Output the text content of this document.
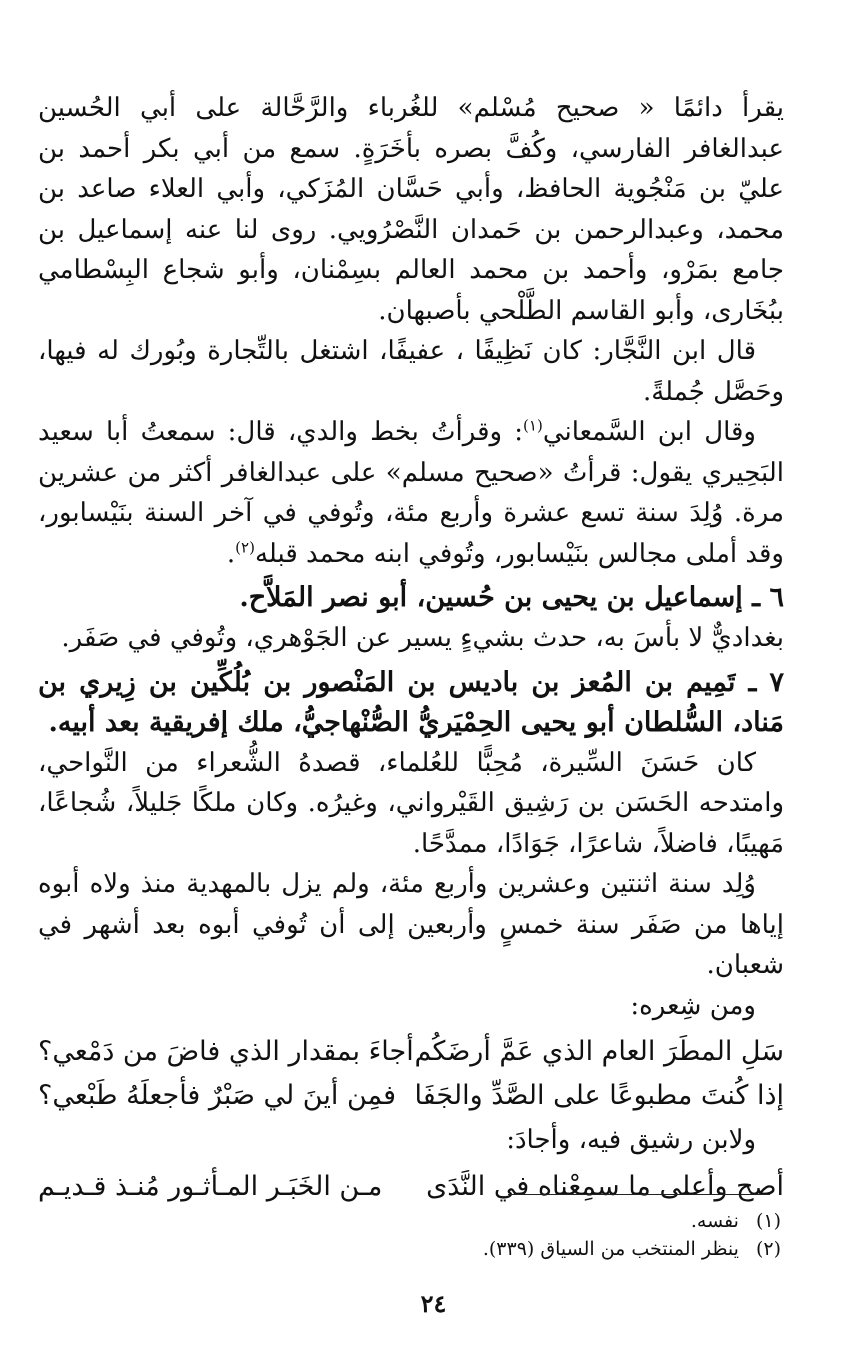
يقرأ دائمًا « صحيح مُسْلم» للغُرباء والرَّحَّالة على أبي الحُسين عبدالغافر الفارسي، وكُفَّ بصره بأخَرَةٍ. سمع من أبي بكر أحمد بن عليّ بن مَنْجُوية الحافظ، وأبي حَسَّان المُزَكي، وأبي العلاء صاعد بن محمد، وعبدالرحمن بن حَمدان النَّصْرُويي. روى لنا عنه إسماعيل بن جامع بمَرْو، وأحمد بن محمد العالم بسِمْنان، وأبو شجاع البِسْطامي ببُخَارى، وأبو القاسم الطَّلْحي بأصبهان.

قال ابن النَّجَّار: كان نَظِيفًا ، عفيفًا، اشتغل بالتِّجارة وبُورك له فيها، وحَصَّل جُملةً.

وقال ابن السَّمعاني$^{(١)}$: وقرأتُ بخط والدي، قال: سمعتُ أبا سعيد البَحِيري يقول: قرأتُ «صحيح مسلم» على عبدالغافر أكثر من عشرين مرة. وُلِدَ سنة تسع عشرة وأربع مئة، وتُوفي في آخر السنة بنَيْسابور، وقد أملى مجالس بنَيْسابور، وتُوفي ابنه محمد قبله$^{(٢)}$.

٦ ـ إسماعيل بن يحيى بن حُسين، أبو نصر المَلاَّح.

بغداديٌّ لا بأسَ به، حدث بشيءٍ يسير عن الجَوْهري، وتُوفي في صَفَر.

٧ ـ تَمِيم بن المُعز بن باديس بن المَنْصور بن بُلُكِّين بن زِيري بن مَناد، السُّلطان أبو يحيى الحِمْيَريُّ الصُّنْهاجيُّ، ملك إفريقية بعد أبيه.

كان حَسَنَ السِّيرة، مُحِبًّا للعُلماء، قصدهُ الشُّعراء من النَّواحي، وامتدحه الحَسَن بن رَشِيق القَيْرواني، وغيرُه. وكان ملكًا جَليلاً، شُجاعًا، مَهيبًا، فاضلاً، شاعرًا، جَوَادًا، ممدَّحًا.

وُلِد سنة اثنتين وعشرين وأربع مئة، ولم يزل بالمهدية منذ ولاه أبوه إياها من صَفَر سنة خمسٍ وأربعين إلى أن تُوفي أبوه بعد أشهر في شعبان.

ومن شِعره:

سَلِ المطَرَ العام الذي عَمَّ أرضَكُم
أجاءَ بمقدار الذي فاضَ من دَمْعي؟
إذا كُنتَ مطبوعًا على الصَّدِّ والجَفَا
فمِن أينَ لي صَبْرٌ فأجعلَهُ طَبْعي؟

ولابن رشيق فيه، وأجادَ:

أصح وأعلى ما سمِعْناه في النَّدَى
مـن الخَبَـر المـأثـور مُنـذ قـديـم
(١) نفسه.
(٢) ينظر المنتخب من السياق (٣٣٩).
٢٤
